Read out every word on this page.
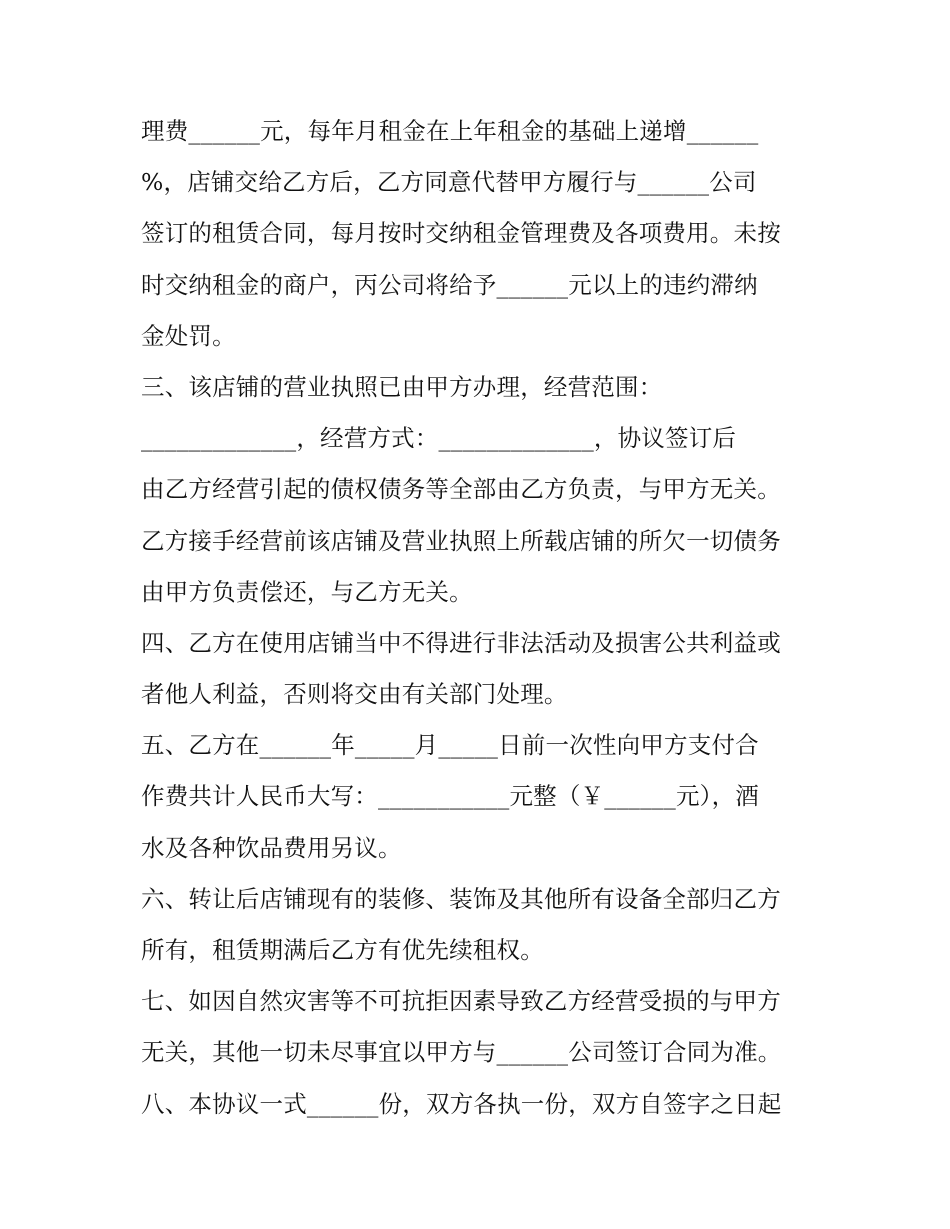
理费______元，每年月租金在上年租金的基础上递增______
%，店铺交给乙方后，乙方同意代替甲方履行与______公司
签订的租赁合同，每月按时交纳租金管理费及各项费用。未按
时交纳租金的商户，丙公司将给予______元以上的违约滞纳
金处罚。
三、该店铺的营业执照已由甲方办理，经营范围：
_____________，经营方式：_____________，协议签订后
由乙方经营引起的债权债务等全部由乙方负责，与甲方无关。
乙方接手经营前该店铺及营业执照上所载店铺的所欠一切债务
由甲方负责偿还，与乙方无关。
四、乙方在使用店铺当中不得进行非法活动及损害公共利益或
者他人利益，否则将交由有关部门处理。
五、乙方在______年_____月_____日前一次性向甲方支付合
作费共计人民币大写：___________元整（￥______元），酒
水及各种饮品费用另议。
六、转让后店铺现有的装修、装饰及其他所有设备全部归乙方
所有，租赁期满后乙方有优先续租权。
七、如因自然灾害等不可抗拒因素导致乙方经营受损的与甲方
无关，其他一切未尽事宜以甲方与______公司签订合同为准。
八、本协议一式______份，双方各执一份，双方自签字之日起
